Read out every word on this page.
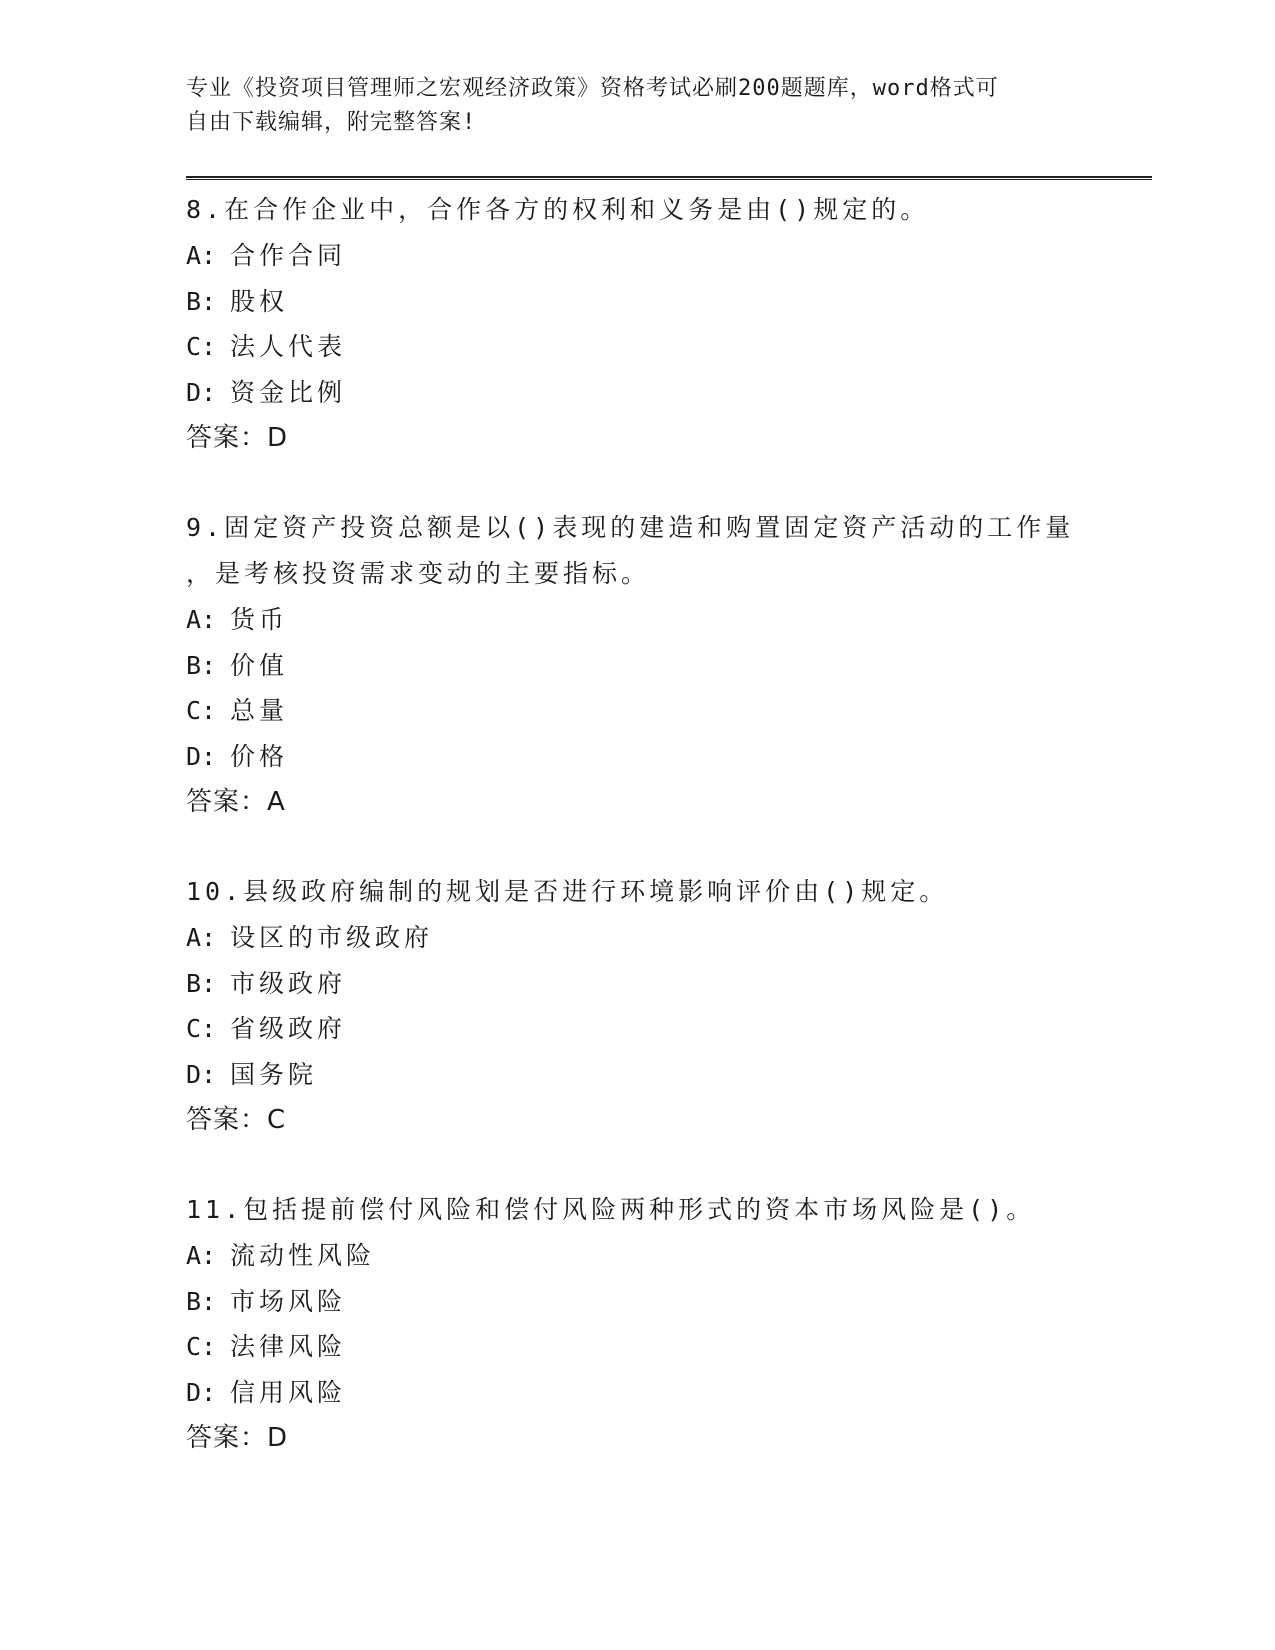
专业《投资项目管理师之宏观经济政策》资格考试必刷200题题库，word格式可
自由下载编辑，附完整答案!

8.在合作企业中，合作各方的权利和义务是由()规定的。

A: 合作合同

B: 股权

C: 法人代表

D: 资金比例

答案：D

9.固定资产投资总额是以()表现的建造和购置固定资产活动的工作量

，是考核投资需求变动的主要指标。

A: 货币

B: 价值

C: 总量

D: 价格

答案：A

10.县级政府编制的规划是否进行环境影响评价由()规定。

A: 设区的市级政府

B: 市级政府

C: 省级政府

D: 国务院

答案：C

11.包括提前偿付风险和偿付风险两种形式的资本市场风险是()。

A: 流动性风险

B: 市场风险

C: 法律风险

D: 信用风险

答案：D
